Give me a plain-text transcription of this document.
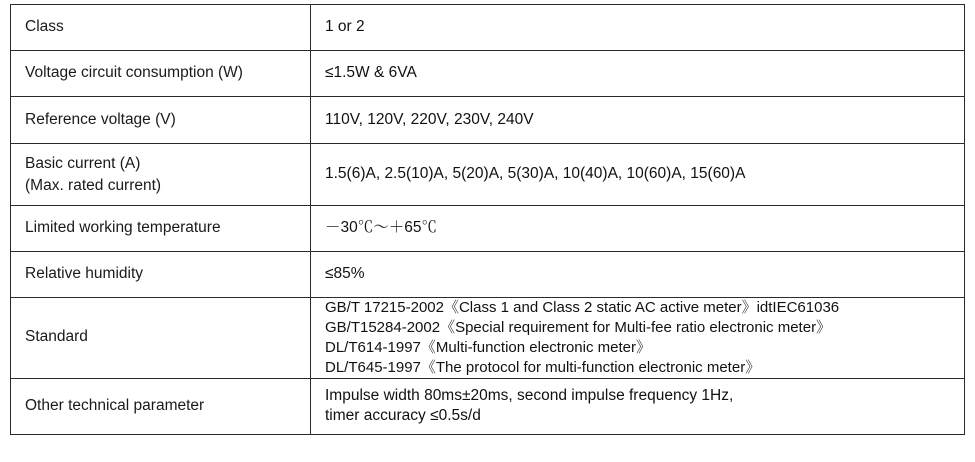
Class	1 or 2
Voltage circuit consumption (W)	≤1.5W & 6VA
Reference voltage (V)	110V, 120V, 220V, 230V, 240V

Basic current (A)
(Max. rated current)	1.5(6)A, 2.5(10)A, 5(20)A, 5(30)A, 10(40)A, 10(60)A, 15(60)A
Limited working temperature	－30℃～＋65℃
Relative humidity	≤85%
Standard	GB/T 17215-2002《Class 1 and Class 2 static AC active meter》idtIEC61036
GB/T15284-2002《Special requirement for Multi-fee ratio electronic meter》
DL/T614-1997《Multi-function electronic meter》
DL/T645-1997《The protocol for multi-function electronic meter》

Other technical parameter	Impulse width 80ms±20ms, second impulse frequency 1Hz,
timer accuracy ≤0.5s/d
